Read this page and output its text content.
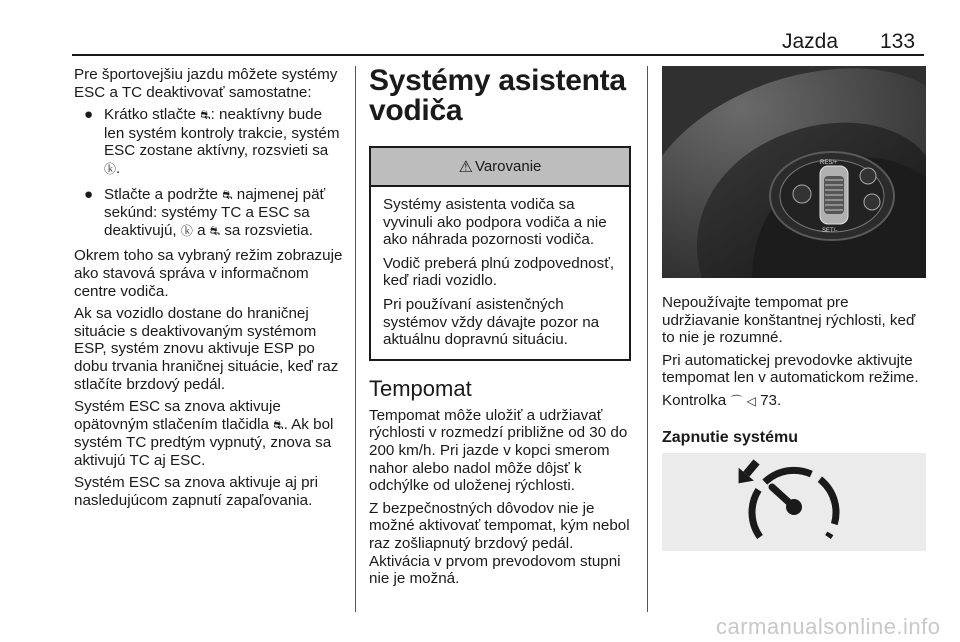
Jazda 133

Pre športovejšiu jazdu môžete systémy ESC a TC deaktivovať samostatne:

● Krátko stlačte ⛐: neaktívny bude len systém kontroly trakcie, systém ESC zostane aktívny, rozsvieti sa ⓚ.
● Stlačte a podržte ⛐ najmenej päť sekúnd: systémy TC a ESC sa deaktivujú, ⓚ a ⛐ sa rozsvietia.

Okrem toho sa vybraný režim zobrazuje ako stavová správa v informačnom centre vodiča.

Ak sa vozidlo dostane do hraničnej situácie s deaktivovaným systémom ESP, systém znovu aktivuje ESP po dobu trvania hraničnej situácie, keď raz stlačíte brzdový pedál.

Systém ESC sa znova aktivuje opätovným stlačením tlačidla ⛐. Ak bol systém TC predtým vypnutý, znova sa aktivujú TC aj ESC.

Systém ESC sa znova aktivuje aj pri nasledujúcom zapnutí zapaľovania.

Systémy asistenta vodiča
⚠ Varovanie

Systémy asistenta vodiča sa vyvinuli ako podpora vodiča a nie ako náhrada pozornosti vodiča.

Vodič preberá plnú zodpovednosť, keď riadi vozidlo.

Pri používaní asistenčných systémov vždy dávajte pozor na aktuálnu dopravnú situáciu.

Tempomat

Tempomat môže uložiť a udržiavať rýchlosti v rozmedzí približne od 30 do 200 km/h. Pri jazde v kopci smerom nahor alebo nadol môže dôjsť k odchýlke od uloženej rýchlosti.

Z bezpečnostných dôvodov nie je možné aktivovať tempomat, kým nebol raz zošliapnutý brzdový pedál. Aktivácia v prvom prevodovom stupni nie je možná.

RES/+
SET/-

Nepoužívajte tempomat pre udržiavanie konštantnej rýchlosti, keď to nie je rozumné.

Pri automatickej prevodovke aktivujte tempomat len v automatickom režime.

Kontrolka ⌒ ◁ 73.

Zapnutie systému
carmanualsonline.info
